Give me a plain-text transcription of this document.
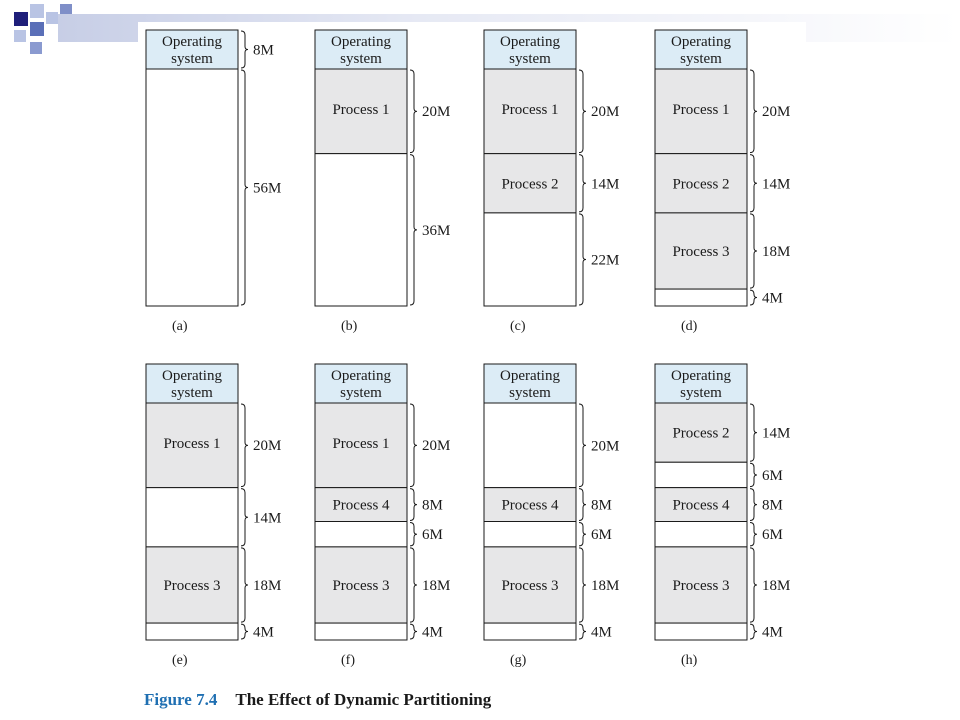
Operating system
8M
56M
(a)
Operating system
Process 1 20M
36M
(b)
Operating system
Process 1 20M
Process 2 14M
22M
(c)
Operating system
Process 1 20M
Process 2 14M
Process 3 18M
4M
(d)
Operating system
Process 1 20M
14M
Process 3 18M
4M
(e)
Operating system
Process 1 20M
Process 4 8M
6M
Process 3 18M
4M
(f)
Operating system
20M
Process 4 8M
6M
Process 3 18M
4M
(g)
Operating system
Process 2 14M
6M
Process 4 8M
6M
Process 3 18M
4M
(h)
Figure 7.4 The Effect of Dynamic Partitioning
